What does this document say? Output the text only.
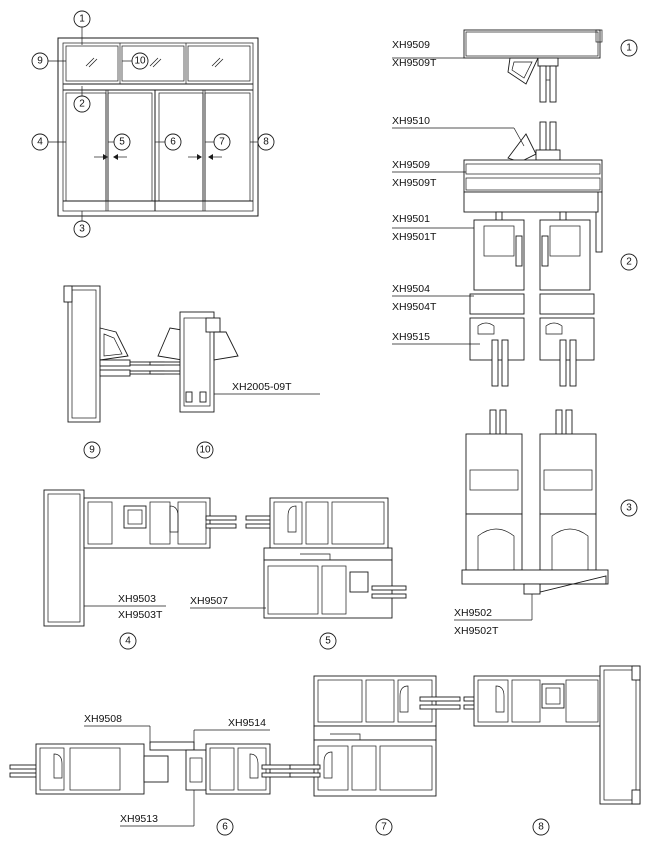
1
9	10
2
4	5	6	7	8
3
XH9509
XH9509T
1
XH9510
XH9509
XH9509T
XH9501
XH9501T
XH9504
XH9504T
XH9515
2
9
XH2005-09T
10
XH9502
XH9502T
3
XH9503
XH9503T
4
XH9507
5
XH9508	XH9514
XH9513
6	7	8
